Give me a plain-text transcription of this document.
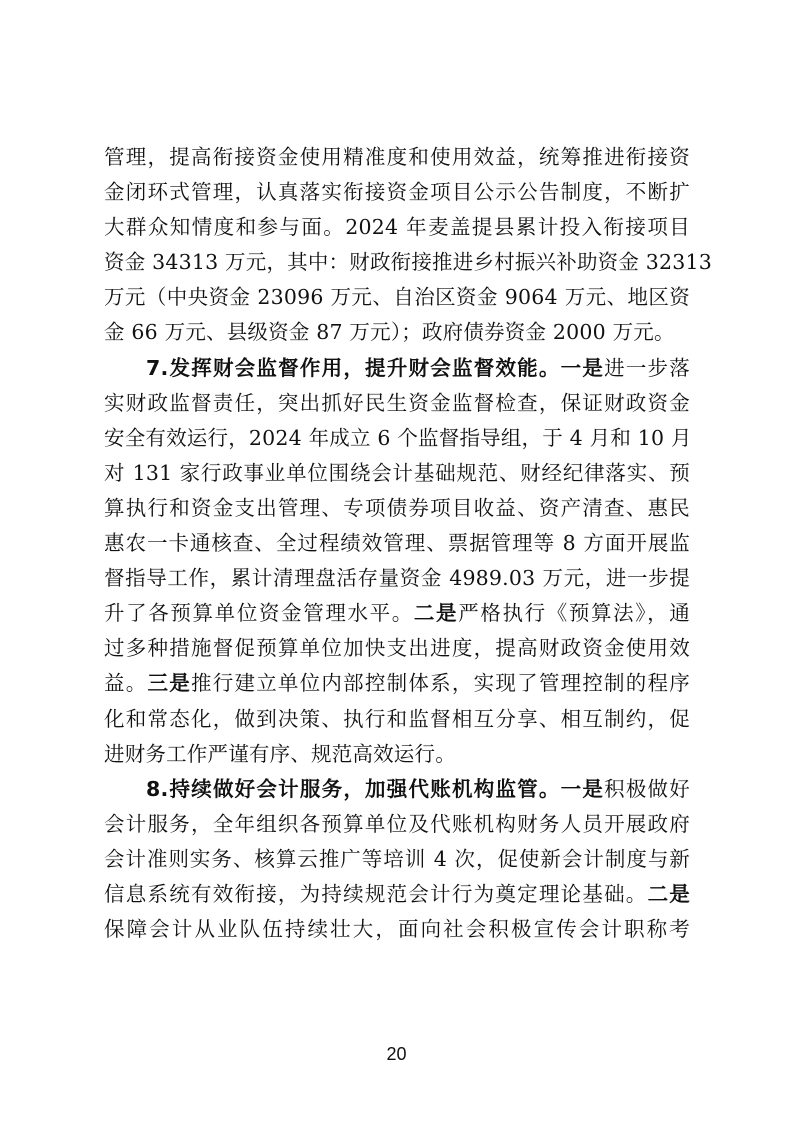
管理，提高衔接资金使用精准度和使用效益，统筹推进衔接资
金闭环式管理，认真落实衔接资金项目公示公告制度，不断扩
大群众知情度和参与面。2024 年麦盖提县累计投入衔接项目
资金 34313 万元，其中：财政衔接推进乡村振兴补助资金 32313
万元（中央资金 23096 万元、自治区资金 9064 万元、地区资
金 66 万元、县级资金 87 万元）；政府债券资金 2000 万元。
7.发挥财会监督作用，提升财会监督效能。一是进一步落
实财政监督责任，突出抓好民生资金监督检查，保证财政资金
安全有效运行，2024 年成立 6 个监督指导组，于 4 月和 10 月
对 131 家行政事业单位围绕会计基础规范、财经纪律落实、预
算执行和资金支出管理、专项债券项目收益、资产清查、惠民
惠农一卡通核查、全过程绩效管理、票据管理等 8 方面开展监
督指导工作，累计清理盘活存量资金 4989.03 万元，进一步提
升了各预算单位资金管理水平。二是严格执行《预算法》，通
过多种措施督促预算单位加快支出进度，提高财政资金使用效
益。三是推行建立单位内部控制体系，实现了管理控制的程序
化和常态化，做到决策、执行和监督相互分享、相互制约，促
进财务工作严谨有序、规范高效运行。
8.持续做好会计服务，加强代账机构监管。一是积极做好
会计服务，全年组织各预算单位及代账机构财务人员开展政府
会计准则实务、核算云推广等培训 4 次，促使新会计制度与新
信息系统有效衔接，为持续规范会计行为奠定理论基础。二是
保障会计从业队伍持续壮大，面向社会积极宣传会计职称考
20
